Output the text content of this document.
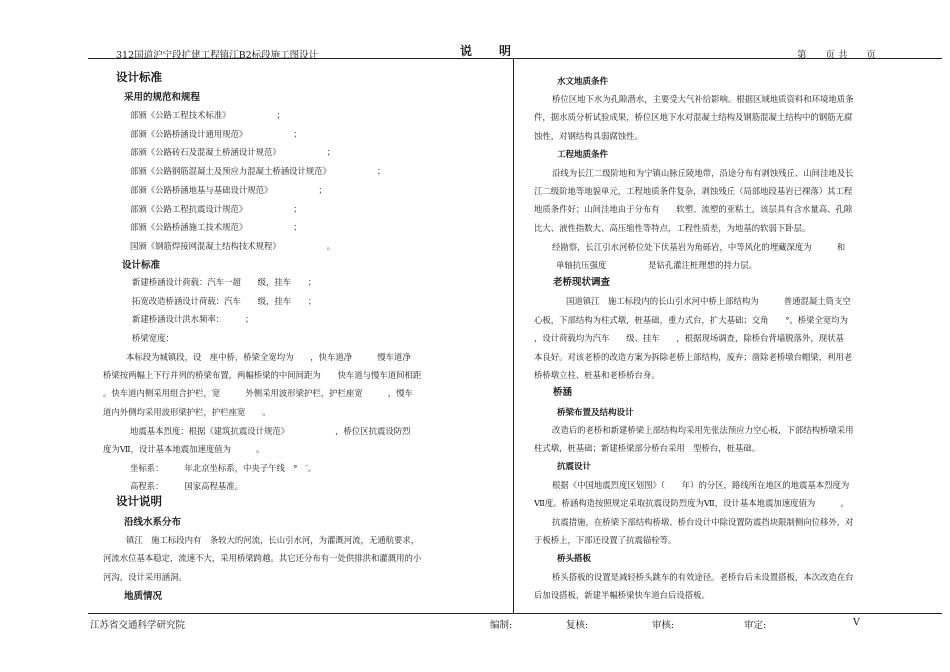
312国道沪宁段扩建工程镇江B2标段施工图设计	说　　明	第　　页 共　　页
设计标准
采用的规范和规程
部颁《公路工程技术标准》　　　　　　；
部颁《公路桥涵设计通用规范》　　　　　　；
部颁《公路砖石及混凝土桥涵设计规范》　　　　　　；
部颁《公路钢筋混凝土及预应力混凝土桥涵设计规范》　　　　　　；
部颁《公路桥涵地基与基础设计规范》　　　　　　；
部颁《公路工程抗震设计规范》　　　　　　；
部颁《公路桥涵施工技术规范》　　　　　　；
国颁《钢筋焊接网混凝土结构技术规程》　　　　　　。
设计标准
新建桥涵设计荷载：汽车一超　　级，挂车　　；
拓宽改造桥涵设计荷载：汽车　　级，挂车　　；
新建桥涵设计洪水频率：　　　；
桥梁宽度：
本标段为城镇段，设　座中桥，桥梁全宽均为　　，快车道净　　　慢车道净
桥梁按两幅上下行并列的桥梁布置，两幅桥梁的中间间距为　　快车道与慢车道间相距
。快车道内侧采用组合护栏，宽　　　外侧采用波形梁护栏，护栏座宽　　　，慢车
道内外侧均采用波形梁护栏，护栏座宽　　。
地震基本烈度：根据《建筑抗震设计规范》　　　　　　，桥位区抗震设防烈
度为Ⅶ，设计基本地震加速度值为　　　。
坐标系：　　　年北京坐标系，中央子午线　°　′。
高程系：　　　国家高程基准。
设计说明
沿线水系分布
镇江　施工标段内有　条较大的河流，长山引水河，为灌溉河流，无通航要求，
河流水位基本稳定，流速不大，采用桥梁跨越。其它还分布有一处供排洪和灌溉用的小
河沟，设计采用涵洞。
地质情况
水文地质条件
桥位区地下水为孔隙潜水，主要受大气补给影响。根据区域地质资料和环境地质条
件，据水质分析试验成果，桥位区地下水对混凝土结构及钢筋混凝土结构中的钢筋无腐
蚀性，对钢结构具弱腐蚀性。
工程地质条件
沿线为长江二级阶地和为宁镇山脉丘陵地带，沿途分布有剥蚀残丘、山间洼地及长
江二级阶地等地貌单元，工程地质条件复杂，剥蚀残丘（局部地段基岩已裸落）其工程
地质条件好；山间洼地由于分布有　　软塑、流塑的亚粘土，该层具有含水量高、孔隙
比大、液性指数大、高压缩性等特点，工程性质差，为地基的软弱下卧层。
经勘察，长江引水河桥位处下伏基岩为角砾岩，中等风化的埋藏深度为　　　和
单轴抗压强度　　　　　是钻孔灌注桩理想的持力层。
老桥现状调查
国道镇江　施工标段内的长山引水河中桥上部结构为　　　普通混凝土筒支空
心板，下部结构为柱式墩，桩基础，重力式台，扩大基础；交角　　°。桥梁全宽均为
，设计荷载均为汽车　　级、挂车　　，根据现场调查，除桥台背墙脱落外，现状基
本良好。对该老桥的改造方案为拆除老桥上部结构，废弃；凿除老桥墩台帽梁，利用老
桥桥墩立柱、桩基和老桥桥台身。
桥涵
桥梁布置及结构设计
改造后的老桥和新建桥梁上部结构均采用先张法预应力空心板，下部结构桥墩采用
柱式墩，桩基础；新建桥梁部分桥台采用　型桥台，桩基础。
抗震设计
根据《中国地震烈度区划图》（　　年）的分区，路线所在地区的地震基本烈度为
Ⅶ度。桥涵构造按照规定采取抗震设防烈度为Ⅶ，设计基本地震加速度值为　　　。
抗震措施，在桥梁下部结构桥墩、桥台设计中除设置防震挡块限制侧向位移外，对
于板桥上，下部还设置了抗震锚栓等。
桥头搭板
桥头搭板的设置是减轻桥头跳车的有效途径。老桥台后未设置搭板，本次改造在台
后加设搭板，新建半幅桥梁快车道台后设搭板。
江苏省交通科学研究院	编制:	复核:	审核:	审定:	V
